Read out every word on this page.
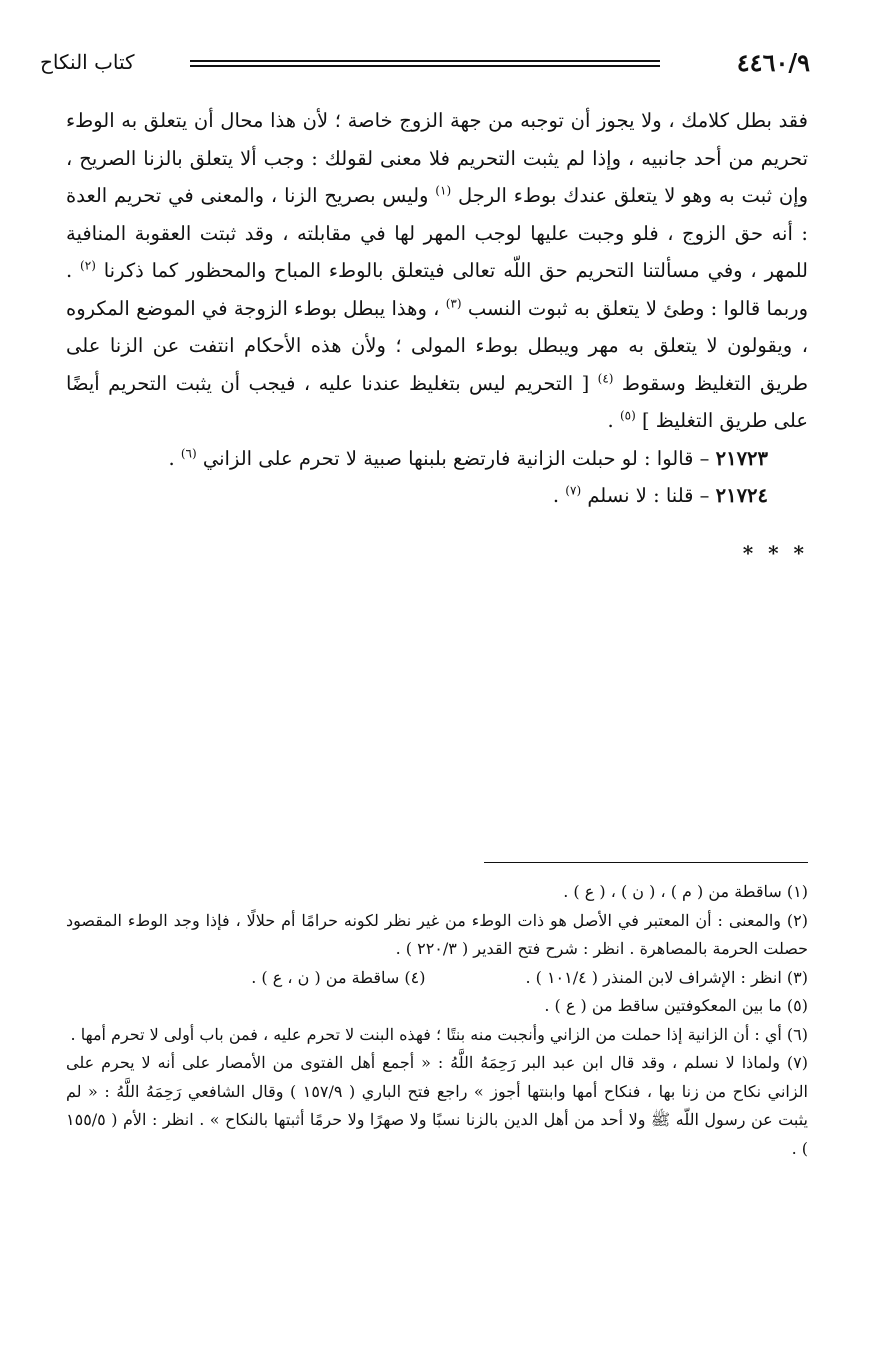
٤٤٦٠/٩
كتاب النكاح

فقد بطل كلامك ، ولا يجوز أن توجبه من جهة الزوج خاصة ؛ لأن هذا محال أن يتعلق به الوطء تحريم من أحد جانبيه ، وإذا لم يثبت التحريم فلا معنى لقولك : وجب ألا يتعلق بالزنا الصريح ، وإن ثبت به وهو لا يتعلق عندك بوطء الرجل $^{(١)}$ وليس بصريح الزنا ، والمعنى في تحريم العدة : أنه حق الزوج ، فلو وجبت عليها لوجب المهر لها في مقابلته ، وقد ثبتت العقوبة المنافية للمهر ، وفي مسألتنا التحريم حق اللّه تعالى فيتعلق بالوطء المباح والمحظور كما ذكرنا $^{(٢)}$ . وربما قالوا : وطئ لا يتعلق به ثبوت النسب $^{(٣)}$ ، وهذا يبطل بوطء الزوجة في الموضع المكروه ، ويقولون لا يتعلق به مهر ويبطل بوطء المولى ؛ ولأن هذه الأحكام انتفت عن الزنا على طريق التغليظ وسقوط $^{(٤)}$ [ التحريم ليس بتغليظ عندنا عليه ، فيجب أن يثبت التحريم أيضًا على طريق التغليظ ] $^{(٥)}$ .

٢١٧٢٣ – قالوا : لو حبلت الزانية فارتضع بلبنها صبية لا تحرم على الزاني $^{(٦)}$ .

٢١٧٢٤ – قلنا : لا نسلم $^{(٧)}$ .

* * *

(١) ساقطة من ( م ) ، ( ن ) ، ( ع ) .

(٢) والمعنى : أن المعتبر في الأصل هو ذات الوطء من غير نظر لكونه حرامًا أم حلالًا ، فإذا وجد الوطء المقصود حصلت الحرمة بالمصاهرة . انظر : شرح فتح القدير ( ٢٢٠/٣ ) .

(٣) انظر : الإشراف لابن المنذر ( ١٠١/٤ ) .
(٤) ساقطة من ( ن ، ع ) .

(٥) ما بين المعكوفتين ساقط من ( ع ) .

(٦) أي : أن الزانية إذا حملت من الزاني وأنجبت منه بنتًا ؛ فهذه البنت لا تحرم عليه ، فمن باب أولى لا تحرم أمها .

(٧) ولماذا لا نسلم ، وقد قال ابن عبد البر رَحِمَهُ اللَّهُ : « أجمع أهل الفتوى من الأمصار على أنه لا يحرم على الزاني نكاح من زنا بها ، فنكاح أمها وابنتها أجوز » راجع فتح الباري ( ١٥٧/٩ ) وقال الشافعي رَحِمَهُ اللَّهُ : « لم يثبت عن رسول اللّه ﷺ ولا أحد من أهل الدين بالزنا نسبًا ولا صهرًا ولا حرمًا أثبتها بالنكاح » . انظر : الأم ( ١٥٥/٥ ) .
